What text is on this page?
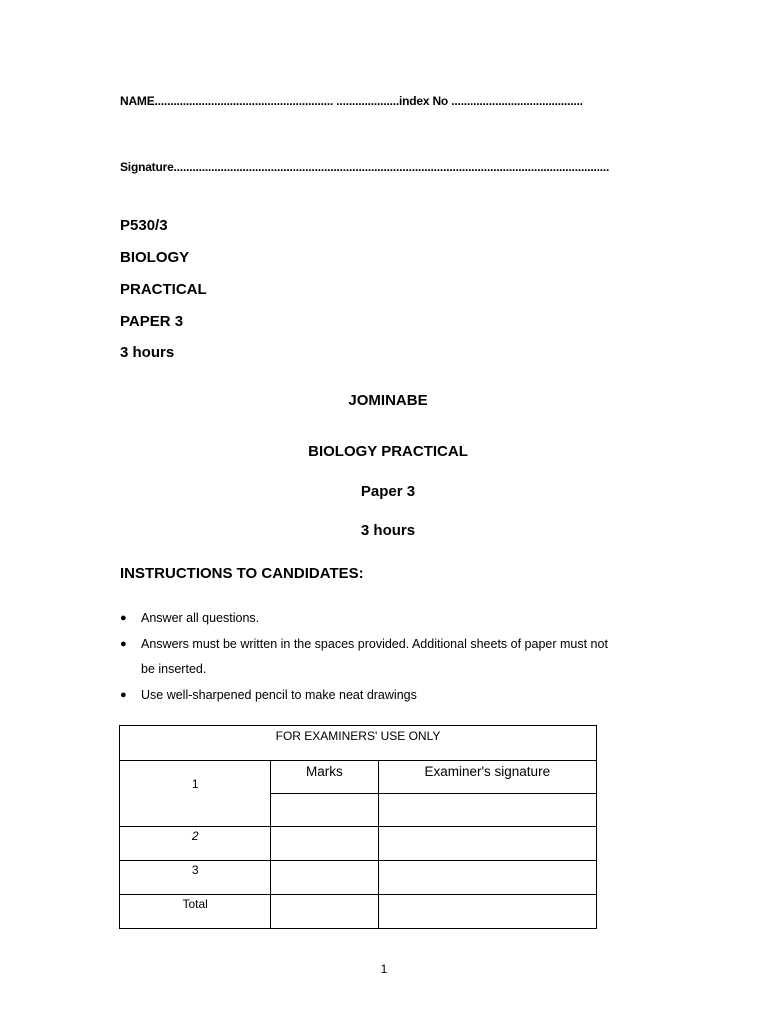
NAME......................................................... ....................index No ..........................................
Signature...........................................................................................................................................
P530/3
BIOLOGY
PRACTICAL
PAPER 3
3 hours
JOMINABE
BIOLOGY PRACTICAL
Paper 3
3 hours
INSTRUCTIONS TO CANDIDATES:
● Answer all questions.
● Answers must be written in the spaces provided. Additional sheets of paper must not be inserted.
● Use well-sharpened pencil to make neat drawings
FOR EXAMINERS' USE ONLY		
1	Marks	Examiner's signature

2		
3		
Total		
1
